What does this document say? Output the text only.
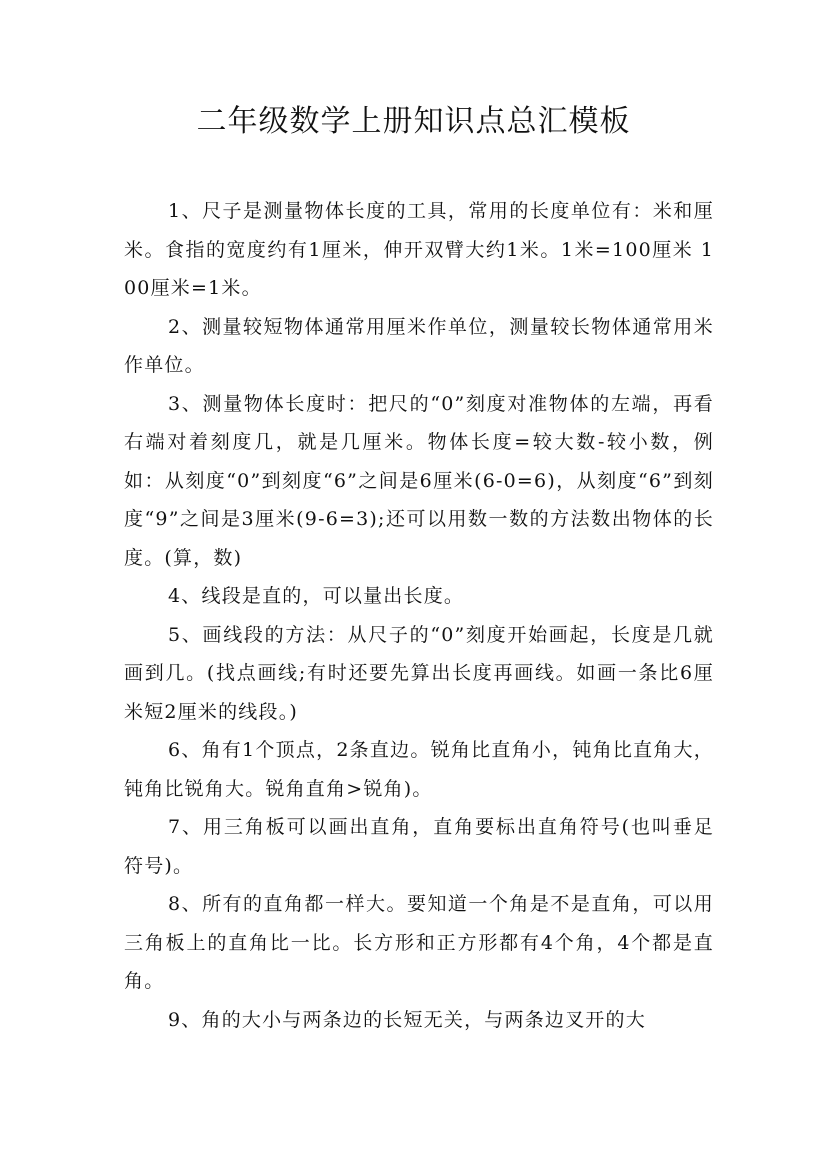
二年级数学上册知识点总汇模板

1、尺子是测量物体长度的工具，常用的长度单位有：米和厘米。食指的宽度约有1厘米，伸开双臂大约1米。1米=100厘米 100厘米=1米。

2、测量较短物体通常用厘米作单位，测量较长物体通常用米作单位。

3、测量物体长度时：把尺的“0”刻度对准物体的左端，再看右端对着刻度几，就是几厘米。物体长度=较大数-较小数，例如：从刻度“0”到刻度“6”之间是6厘米(6-0=6)，从刻度“6”到刻度“9”之间是3厘米(9-6=3);还可以用数一数的方法数出物体的长度。(算，数)

4、线段是直的，可以量出长度。

5、画线段的方法：从尺子的“0”刻度开始画起，长度是几就画到几。(找点画线;有时还要先算出长度再画线。如画一条比6厘米短2厘米的线段。)

6、角有1个顶点，2条直边。锐角比直角小，钝角比直角大，钝角比锐角大。锐角直角>锐角)。

7、用三角板可以画出直角，直角要标出直角符号(也叫垂足符号)。

8、所有的直角都一样大。要知道一个角是不是直角，可以用三角板上的直角比一比。长方形和正方形都有4个角，4个都是直角。

9、角的大小与两条边的长短无关，与两条边叉开的大
